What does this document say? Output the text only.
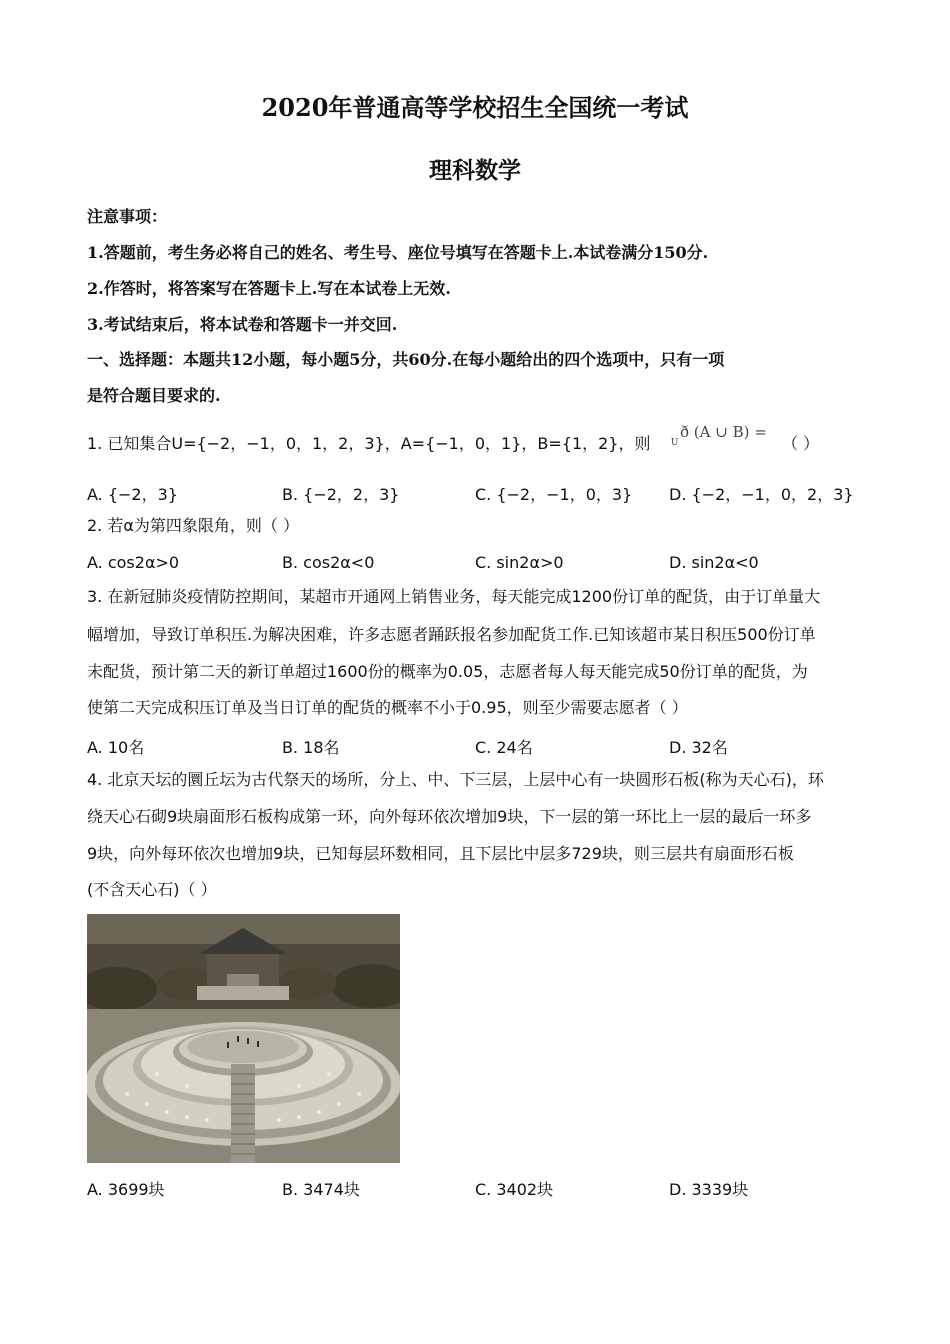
2020年普通高等学校招生全国统一考试
理科数学
注意事项：
1.答题前，考生务必将自己的姓名、考生号、座位号填写在答题卡上.本试卷满分150分.
2.作答时，将答案写在答题卡上.写在本试卷上无效.
3.考试结束后，将本试卷和答题卡一并交回.
一、选择题：本题共12小题，每小题5分，共60分.在每小题给出的四个选项中，只有一项
是符合题目要求的.
1. 已知集合U={−2，−1，0，1，2，3}，A={−1，0，1}，B={1，2}，则
ð (A ∪ $B) =_U$	（ ）
A. {−2，3}	B. {−2，2，3}	C. {−2，−1，0，3} D. {−2，−1，0，2，3}
2. 若α为第四象限角，则（ ）
A. cos2α>0	B. cos2α<0	C. sin2α>0	D. sin2α<0
3. 在新冠肺炎疫情防控期间，某超市开通网上销售业务，每天能完成1200份订单的配货，由于订单量大
幅增加，导致订单积压.为解决困难，许多志愿者踊跃报名参加配货工作.已知该超市某日积压500份订单
未配货，预计第二天的新订单超过1600份的概率为0.05，志愿者每人每天能完成50份订单的配货，为
使第二天完成积压订单及当日订单的配货的概率不小于0.95，则至少需要志愿者（ ）
A. 10名	B. 18名	C. 24名	D. 32名
4. 北京天坛的圜丘坛为古代祭天的场所，分上、中、下三层，上层中心有一块圆形石板(称为天心石)，环
绕天心石砌9块扇面形石板构成第一环，向外每环依次增加9块，下一层的第一环比上一层的最后一环多
9块，向外每环依次也增加9块，已知每层环数相同，且下层比中层多729块，则三层共有扇面形石板
(不含天心石)（ ）
A. 3699块	B. 3474块	C. 3402块	D. 3339块
